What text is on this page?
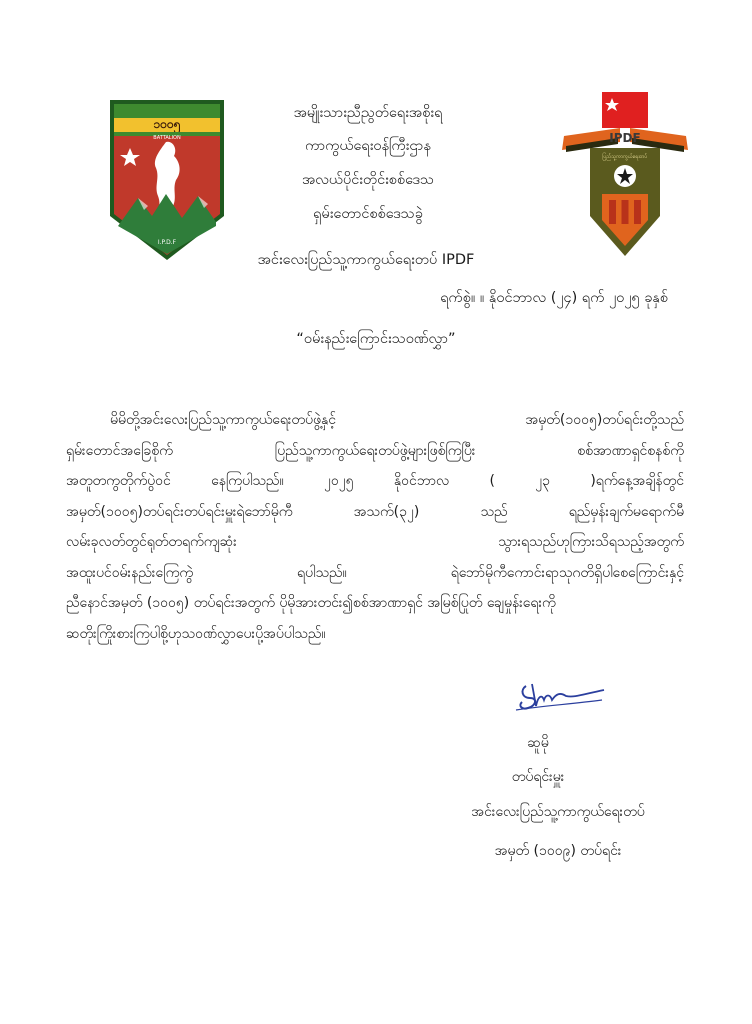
၁၀၀၅
BATTALION
I.P.D.F
IPDF
ပြည်သူ့ကာကွယ်ရေးတပ်
အမျိုးသားညီညွတ်ရေးအစိုးရ
ကာကွယ်ရေးဝန်ကြီးဌာန
အလယ်ပိုင်းတိုင်းစစ်ဒေသ
ရှမ်းတောင်စစ်ဒေသခွဲ
အင်းလေးပြည်သူ့ကာကွယ်ရေးတပ် IPDF
ရက်စွဲ။ ။ နိုဝင်ဘာလ (၂၄) ရက် ၂၀၂၅ ခုနှစ်
“ဝမ်းနည်းကြောင်းသဝဏ်လွှာ”
မိမိတို့အင်းလေးပြည်သူ့ကာကွယ်ရေးတပ်ဖွဲ့နှင့်	အမှတ်(၁၀၀၅)တပ်ရင်းတို့သည်
ရှမ်းတောင်အခြေစိုက်	ပြည်သူ့ကာကွယ်ရေးတပ်ဖွဲ့များဖြစ်ကြပြီး	စစ်အာဏာရှင်စနစ်ကို
အတူတကွတိုက်ပွဲဝင်	နေကြပါသည်။	၂၀၂၅	နိုဝင်ဘာလ	(	၂၃	)ရက်နေ့အချိန်တွင်
အမှတ်(၁၀၀၅)တပ်ရင်းတပ်ရင်းမှူးရဲဘော်မိုကီ	အသက်(၃၂)	သည်	ရည်မှန်းချက်မရောက်မီ
လမ်းခုလတ်တွင်ရုတ်တရက်ကျဆုံး	သွားရသည်ဟုကြားသိရသည့်အတွက်
အထူးပင်ဝမ်းနည်းကြေကွဲ	ရပါသည်။	ရဲဘော်မိုကီကောင်းရာသုဂတိရှိပါစေကြောင်းနှင့်
ညီနောင်အမှတ် (၁၀၀၅) တပ်ရင်းအတွက် ပိုမိုအားတင်း၍စစ်အာဏာရှင် အမြစ်ပြုတ် ချေမှုန်းရေးကို
ဆတိုးကြိုးစားကြပါစို့ဟုသဝဏ်လွှာပေးပို့အပ်ပါသည်။
ဆူမို
တပ်ရင်းမှူး
အင်းလေးပြည်သူ့ကာကွယ်ရေးတပ်
အမှတ် (၁၀၀၉) တပ်ရင်း
